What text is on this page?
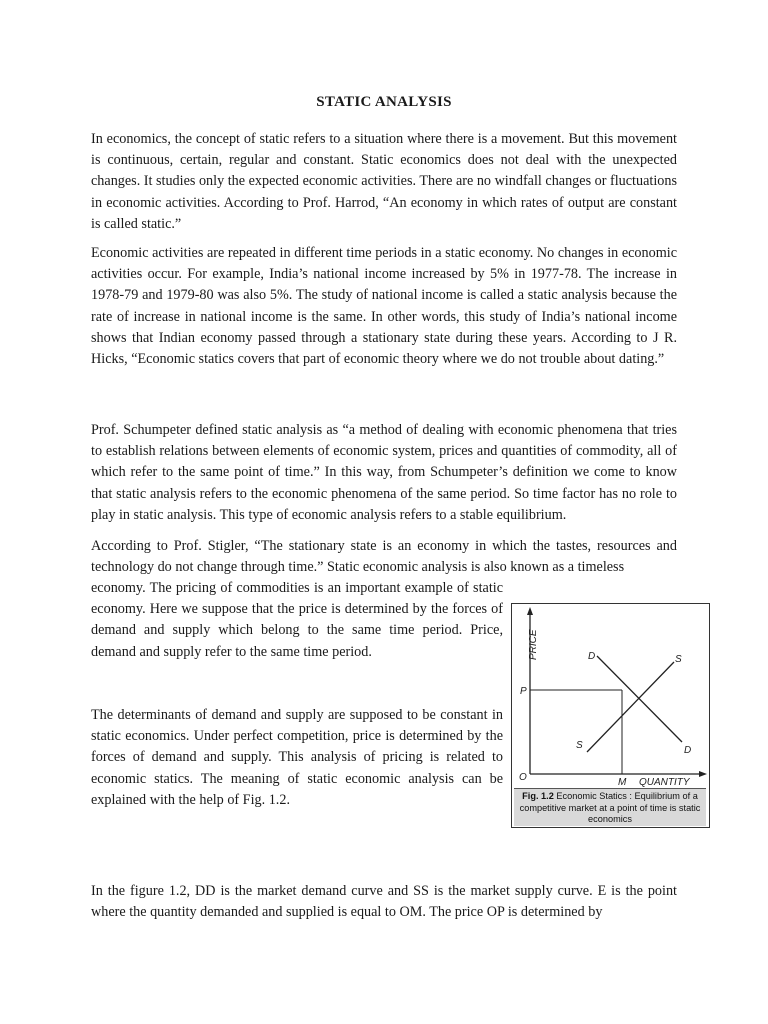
STATIC ANALYSIS

In economics, the concept of static refers to a situation where there is a movement. But this movement is continuous, certain, regular and constant. Static economics does not deal with the unexpected changes. It studies only the expected economic activities. There are no windfall changes or fluctuations in economic activities. According to Prof. Harrod, “An economy in which rates of output are constant is called static.”

Economic activities are repeated in different time periods in a static economy. No changes in economic activities occur. For example, India’s national income increased by 5% in 1977-78. The increase in 1978-79 and 1979-80 was also 5%. The study of national income is called a static analysis because the rate of increase in national income is the same. In other words, this study of India’s national income shows that Indian economy passed through a stationary state during these years. According to J R. Hicks, “Economic statics covers that part of economic theory where we do not trouble about dating.”

Prof. Schumpeter defined static analysis as “a method of dealing with economic phenomena that tries to establish relations between elements of economic system, prices and quantities of commodity, all of which refer to the same point of time.” In this way, from Schumpeter’s definition we come to know that static analysis refers to the economic phenomena of the same period. So time factor has no role to play in static analysis. This type of economic analysis refers to a stable equilibrium.

According to Prof. Stigler, “The stationary state is an economy in which the tastes, resources and technology do not change through time.” Static economic analysis is also known as a timeless

economy. The pricing of commodities is an important example of static economy. Here we suppose that the price is determined by the forces of demand and supply which belong to the same time period. Price, demand and supply refer to the same time period.

The determinants of demand and supply are supposed to be constant in static economics. Under perfect competition, price is determined by the forces of demand and supply. This analysis of pricing is related to economic statics. The meaning of static economic analysis can be explained with the help of Fig. 1.2.

In the figure 1.2, DD is the market demand curve and SS is the market supply curve. E is the point where the quantity demanded and supplied is equal to OM. The price OP is determined by

PRICE
QUANTITY
M
O
P
D
D
S
S
Fig. 1.2 Economic Statics : Equilibrium of a competitive market at a point of time is static economics
